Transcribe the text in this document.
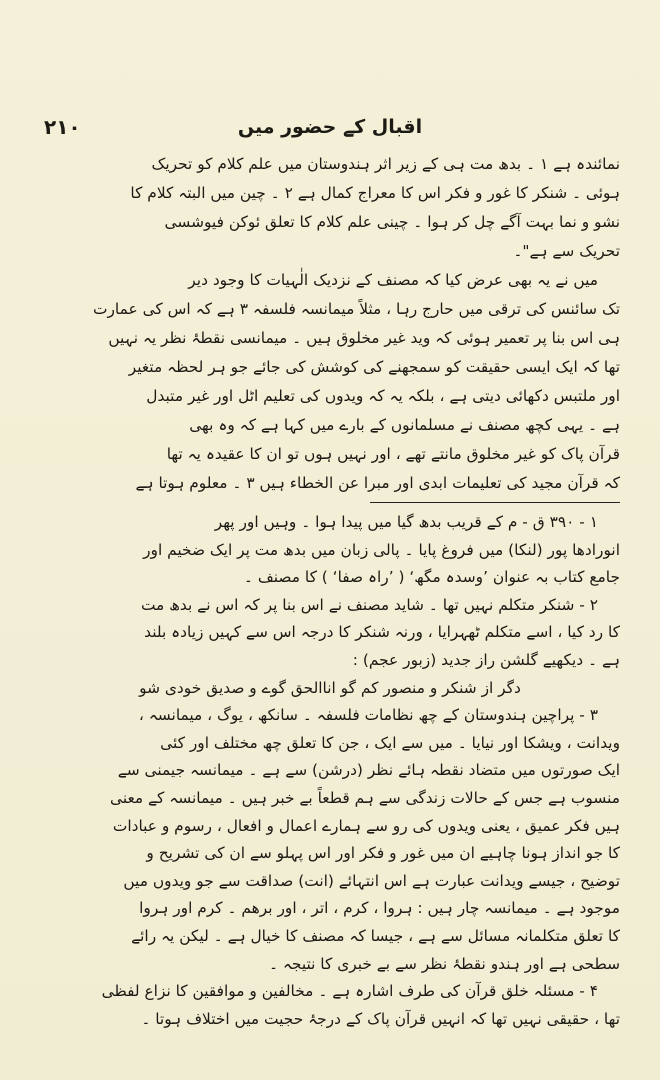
۲۱۰	اقبال کے حضور میں
نمائندہ ہے ۱ ۔ بدھ مت ہی کے زیر اثر ہندوستان میں علم کلام کو تحریک
ہوئی ۔ شنکر کا غور و فکر اس کا معراج کمال ہے ۲ ۔ چین میں البتہ کلام کا
نشو و نما بہت آگے چل کر ہوا ۔ چینی علم کلام کا تعلق ئوکن فیوشسی
تحریک سے ہے"۔
میں نے یہ بھی عرض کیا کہ مصنف کے نزدیک الٰہیات کا وجود دیر
تک سائنس کی ترقی میں حارج رہا ، مثلاً میمانسہ فلسفہ ۳ ہے کہ اس کی عمارت
ہی اس بنا پر تعمیر ہوئی کہ وید غیر مخلوق ہیں ۔ میمانسی نقطۂ نظر یہ نہیں
تھا کہ ایک ایسی حقیقت کو سمجھنے کی کوشش کی جائے جو ہر لحظہ متغیر
اور ملتبس دکھائی دیتی ہے ، بلکہ یہ کہ ویدوں کی تعلیم اٹل اور غیر متبدل
ہے ۔ یہی کچھ مصنف نے مسلمانوں کے بارے میں کہا ہے کہ وہ بھی
قرآن پاک کو غیر مخلوق مانتے تھے ، اور نہیں ہوں تو ان کا عقیدہ یہ تھا
کہ قرآن مجید کی تعلیمات ابدی اور مبرا عن الخطاء ہیں ۳ ۔ معلوم ہوتا ہے
۱ - ۳۹۰ ق - م کے قریب بدھ گیا میں پیدا ہوا ۔ وہیں اور پھر
انورادھا پور (لنکا) میں فروغ پایا ۔ پالی زبان میں بدھ مت پر ایک ضخیم اور
جامع کتاب بہ عنوان ’وسدہ مگھ‘ ( ’راہ صفا‘ ) کا مصنف ۔
۲ - شنکر متکلم نہیں تھا ۔ شاید مصنف نے اس بنا پر کہ اس نے بدھ مت
کا رد کیا ، اسے متکلم ٹھہرایا ، ورنہ شنکر کا درجہ اس سے کہیں زیادہ بلند
ہے ۔ دیکھیے گلشن راز جدید (زبور عجم) :
دگر از شنکر و منصور کم گو اناالحق گوے و صدیق خودی شو
۳ - پراچین ہندوستان کے چھ نظامات فلسفہ ۔ سانکھ ، یوگ ، میمانسہ ،
ویدانت ، ویشکا اور نیایا ۔ میں سے ایک ، جن کا تعلق چھ مختلف اور کئی
ایک صورتوں میں متضاد نقطہ ہائے نظر (درشن) سے ہے ۔ میمانسہ جیمنی سے
منسوب ہے جس کے حالات زندگی سے ہم قطعاً بے خبر ہیں ۔ میمانسہ کے معنی
ہیں فکر عمیق ، یعنی ویدوں کی رو سے ہمارے اعمال و افعال ، رسوم و عبادات
کا جو انداز ہونا چاہیے ان میں غور و فکر اور اس پہلو سے ان کی تشریح و
توضیح ، جیسے ویدانت عبارت ہے اس انتہائے (انت) صداقت سے جو ویدوں میں
موجود ہے ۔ میمانسہ چار ہیں : ہروا ، کرم ، اتر ، اور برھم ۔ کرم اور ہروا
کا تعلق متکلمانہ مسائل سے ہے ، جیسا کہ مصنف کا خیال ہے ۔ لیکن یہ رائے
سطحی ہے اور ہندو نقطۂ نظر سے بے خبری کا نتیجہ ۔
۴ - مسئلہ خلق قرآن کی طرف اشارہ ہے ۔ مخالفین و موافقین کا نزاع لفظی
تھا ، حقیقی نہیں تھا کہ انہیں قرآن پاک کے درجۂ حجیت میں اختلاف ہوتا ۔
